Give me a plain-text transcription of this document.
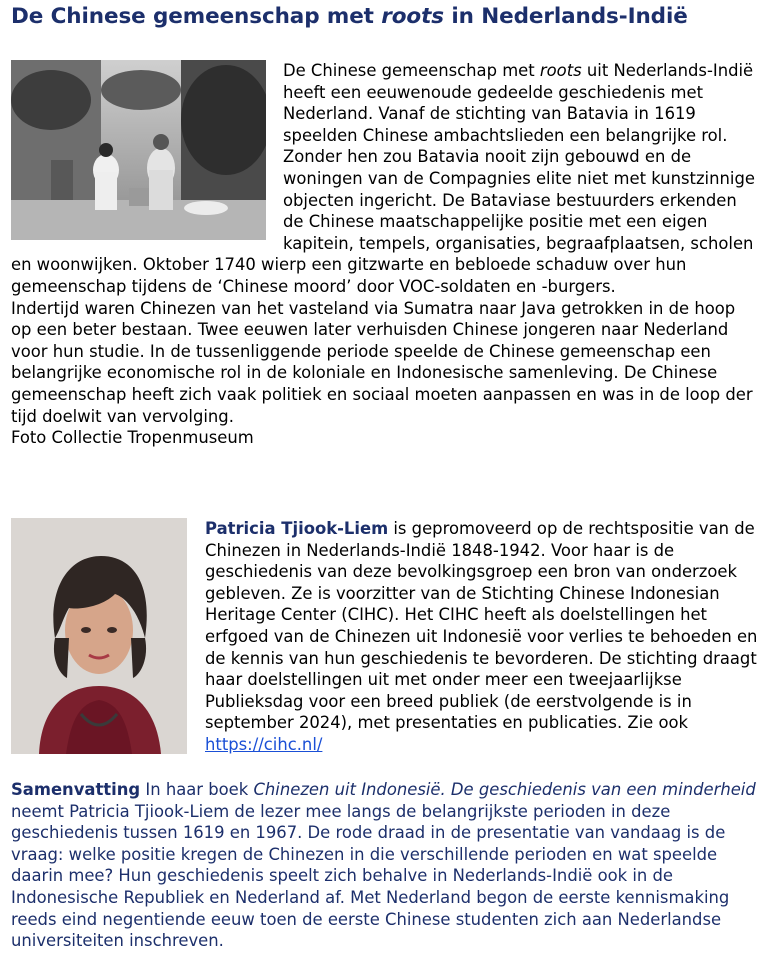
De Chinese gemeenschap met roots in Nederlands-Indië

De Chinese gemeenschap met roots uit Nederlands-Indië heeft een eeuwenoude gedeelde geschiedenis met Nederland. Vanaf de stichting van Batavia in 1619 speelden Chinese ambachtslieden een belangrijke rol. Zonder hen zou Batavia nooit zijn gebouwd en de woningen van de Compagnies elite niet met kunstzinnige objecten ingericht. De Bataviase bestuurders erkenden de Chinese maatschappelijke positie met een eigen kapitein, tempels, organisaties, begraafplaatsen, scholen en woonwijken. Oktober 1740 wierp een gitzwarte en bebloede schaduw over hun gemeenschap tijdens de ‘Chinese moord’ door VOC-soldaten en -burgers.

Indertijd waren Chinezen van het vasteland via Sumatra naar Java getrokken in de hoop op een beter bestaan. Twee eeuwen later verhuisden Chinese jongeren naar Nederland voor hun studie. In de tussenliggende periode speelde de Chinese gemeenschap een belangrijke economische rol in de koloniale en Indonesische samenleving. De Chinese gemeenschap heeft zich vaak politiek en sociaal moeten aanpassen en was in de loop der tijd doelwit van vervolging.

Foto Collectie Tropenmuseum

Patricia Tjiook-Liem is gepromoveerd op de rechtspositie van de Chinezen in Nederlands-Indië 1848-1942. Voor haar is de geschiedenis van deze bevolkingsgroep een bron van onderzoek gebleven. Ze is voorzitter van de Stichting Chinese Indonesian Heritage Center (CIHC). Het CIHC heeft als doelstellingen het erfgoed van de Chinezen uit Indonesië voor verlies te behoeden en de kennis van hun geschiedenis te bevorderen. De stichting draagt haar doelstellingen uit met onder meer een tweejaarlijkse Publieksdag voor een breed publiek (de eerstvolgende is in september 2024), met presentaties en publicaties. Zie ook https://cihc.nl/

Samenvatting In haar boek Chinezen uit Indonesië. De geschiedenis van een minderheid neemt Patricia Tjiook-Liem de lezer mee langs de belangrijkste perioden in deze geschiedenis tussen 1619 en 1967. De rode draad in de presentatie van vandaag is de vraag: welke positie kregen de Chinezen in die verschillende perioden en wat speelde daarin mee? Hun geschiedenis speelt zich behalve in Nederlands-Indië ook in de Indonesische Republiek en Nederland af. Met Nederland begon de eerste kennismaking reeds eind negentiende eeuw toen de eerste Chinese studenten zich aan Nederlandse universiteiten inschreven.
